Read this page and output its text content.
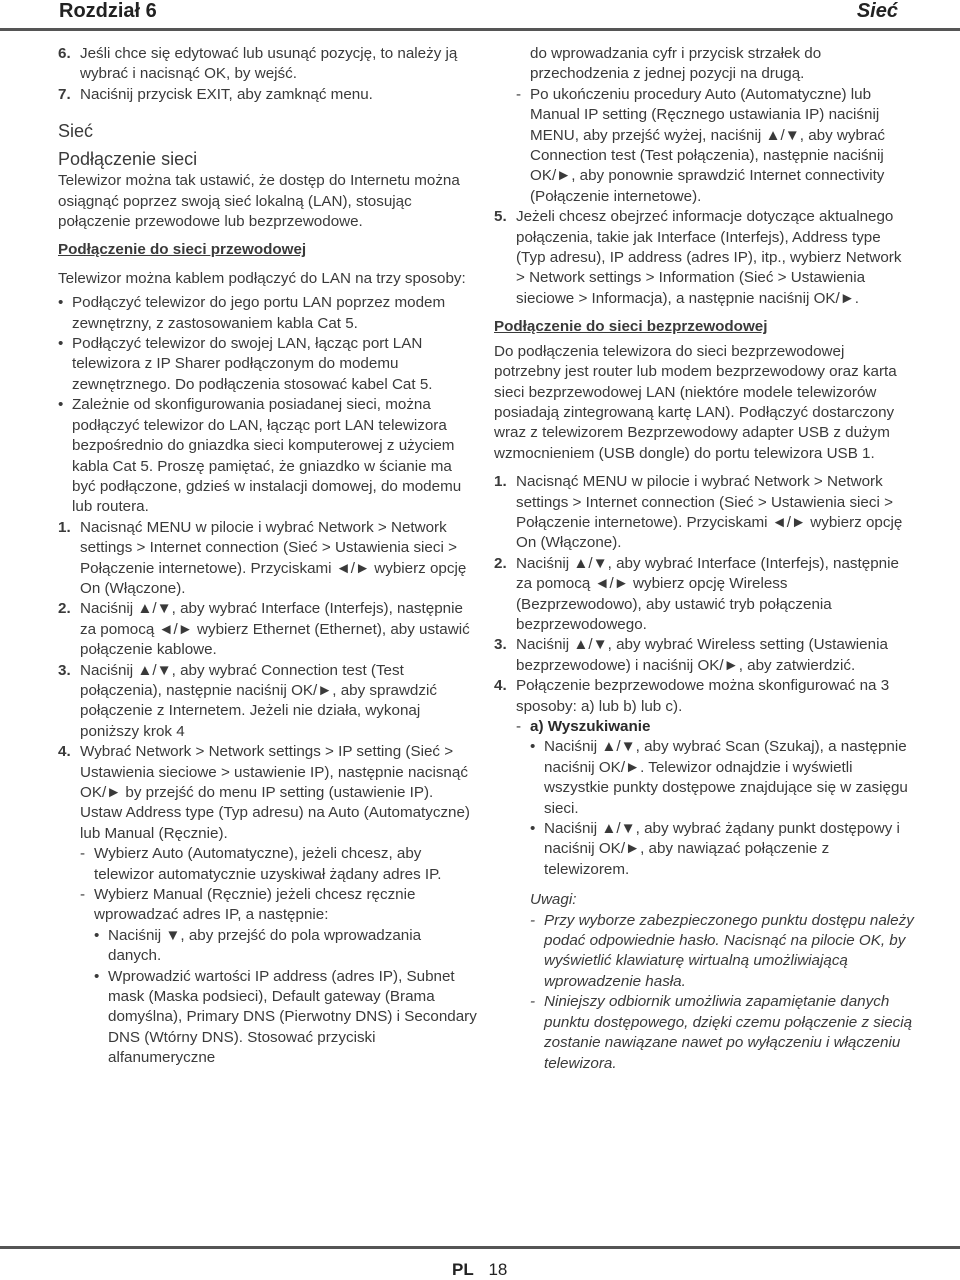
Rozdział 6	Sieć
6. Jeśli chce się edytować lub usunąć pozycję, to należy ją wybrać i nacisnąć OK, by wejść.
7. Naciśnij przycisk EXIT, aby zamknąć menu.

Sieć

Podłączenie sieci

Telewizor można tak ustawić, że dostęp do Internetu można osiągnąć poprzez swoją sieć lokalną (LAN), stosując połączenie przewodowe lub bezprzewodowe.

Podłączenie do sieci przewodowej

Telewizor można kablem podłączyć do LAN na trzy sposoby:

• Podłączyć telewizor do jego portu LAN poprzez modem zewnętrzny, z zastosowaniem kabla Cat 5.
• Podłączyć telewizor do swojej LAN, łącząc port LAN telewizora z IP Sharer podłączonym do modemu zewnętrznego. Do podłączenia stosować kabel Cat 5.
• Zależnie od skonfigurowania posiadanej sieci, można podłączyć telewizor do LAN, łącząc port LAN telewizora bezpośrednio do gniazdka sieci komputerowej z użyciem kabla Cat 5. Proszę pamiętać, że gniazdko w ścianie ma być podłączone, gdzieś w instalacji domowej, do modemu lub routera.
1. Nacisnąć MENU w pilocie i wybrać Network > Network settings > Internet connection (Sieć > Ustawienia sieci > Połączenie internetowe). Przyciskami ◄/► wybierz opcję On (Włączone).
2. Naciśnij ▲/▼, aby wybrać Interface (Interfejs), następnie za pomocą ◄/► wybierz Ethernet (Ethernet), aby ustawić połączenie kablowe.
3. Naciśnij ▲/▼, aby wybrać Connection test (Test połączenia), następnie naciśnij OK/►, aby sprawdzić połączenie z Internetem. Jeżeli nie działa, wykonaj poniższy krok 4
4. Wybrać Network > Network settings > IP setting (Sieć > Ustawienia sieciowe > ustawienie IP), następnie nacisnąć OK/► by przejść do menu IP setting (ustawienie IP). Ustaw Address type (Typ adresu) na Auto (Automatyczne) lub Manual (Ręcznie).
- Wybierz Auto (Automatyczne), jeżeli chcesz, aby telewizor automatycznie uzyskiwał żądany adres IP.
- Wybierz Manual (Ręcznie) jeżeli chcesz ręcznie wprowadzać adres IP, a następnie:
• Naciśnij ▼, aby przejść do pola wprowadzania danych.
• Wprowadzić wartości IP address (adres IP), Subnet mask (Maska podsieci), Default gateway (Brama domyślna), Primary DNS (Pierwotny DNS) i Secondary DNS (Wtórny DNS). Stosować przyciski alfanumeryczne
do wprowadzania cyfr i przycisk strzałek do przechodzenia z jednej pozycji na drugą.
- Po ukończeniu procedury Auto (Automatyczne) lub Manual IP setting (Ręcznego ustawiania IP) naciśnij MENU, aby przejść wyżej, naciśnij ▲/▼, aby wybrać Connection test (Test połączenia), następnie naciśnij OK/►, aby ponownie sprawdzić Internet connectivity (Połączenie internetowe).
5. Jeżeli chcesz obejrzeć informacje dotyczące aktualnego połączenia, takie jak Interface (Interfejs), Address type (Typ adresu), IP address (adres IP), itp., wybierz Network > Network settings > Information (Sieć > Ustawienia sieciowe > Informacja), a następnie naciśnij OK/►.

Podłączenie do sieci bezprzewodowej

Do podłączenia telewizora do sieci bezprzewodowej potrzebny jest router lub modem bezprzewodowy oraz karta sieci bezprzewodowej LAN (niektóre modele telewizorów posiadają zintegrowaną kartę LAN). Podłączyć dostarczony wraz z telewizorem Bezprzewodowy adapter USB z dużym wzmocnieniem (USB dongle) do portu telewizora USB 1.

1. Nacisnąć MENU w pilocie i wybrać Network > Network settings > Internet connection (Sieć > Ustawienia sieci > Połączenie internetowe). Przyciskami ◄/► wybierz opcję On (Włączone).
2. Naciśnij ▲/▼, aby wybrać Interface (Interfejs), następnie za pomocą ◄/► wybierz opcję Wireless (Bezprzewodowo), aby ustawić tryb połączenia bezprzewodowego.
3. Naciśnij ▲/▼, aby wybrać Wireless setting (Ustawienia bezprzewodowe) i naciśnij OK/►, aby zatwierdzić.
4. Połączenie bezprzewodowe można skonfigurować na 3 sposoby: a) lub b) lub c).
- a) Wyszukiwanie
• Naciśnij ▲/▼, aby wybrać Scan (Szukaj), a następnie naciśnij OK/►. Telewizor odnajdzie i wyświetli wszystkie punkty dostępowe znajdujące się w zasięgu sieci.
• Naciśnij ▲/▼, aby wybrać żądany punkt dostępowy i naciśnij OK/►, aby nawiązać połączenie z telewizorem.
Uwagi:
- Przy wyborze zabezpieczonego punktu dostępu należy podać odpowiednie hasło. Nacisnąć na pilocie OK, by wyświetlić klawiaturę wirtualną umożliwiającą wprowadzenie hasła.
- Niniejszy odbiornik umożliwia zapamiętanie danych punktu dostępowego, dzięki czemu połączenie z siecią zostanie nawiązane nawet po wyłączeniu i włączeniu telewizora.
PL 18
